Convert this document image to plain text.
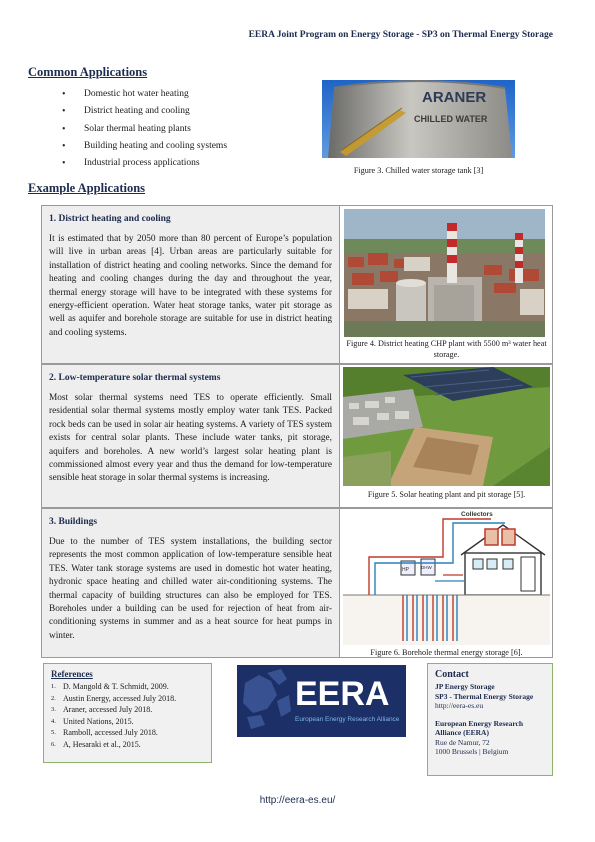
EERA Joint Program on Energy Storage - SP3 on Thermal Energy Storage
Common Applications
• Domestic hot water heating
• District heating and cooling
• Solar thermal heating plants
• Building heating and cooling systems
• Industrial process applications
ARANER
CHILLED WATER
Figure 3. Chilled water storage tank [3]
Example Applications
1. District heating and cooling
It is estimated that by 2050 more than 80 percent of Europe’s population will live in urban areas [4]. Urban areas are particularly suitable for installation of district heating and cooling networks. Since the demand for heating and cooling changes during the day and throughout the year, thermal energy storage will have to be integrated with these systems for energy-efficient operation. Water heat storage tanks, water pit storage as well as aquifer and borehole storage are suitable for use in district heating and cooling systems.
Figure 4. District heating CHP plant with 5500 m³ water heat storage.
2. Low-temperature solar thermal systems
Most solar thermal systems need TES to operate efficiently. Small residential solar thermal systems mostly employ water tank TES. Packed rock beds can be used in solar air heating systems. A variety of TES system exists for central solar plants. These include water tanks, pit storage, aquifers and boreholes. A new world’s largest solar heating plant is commissioned almost every year and thus the demand for low-temperature sensible heat storage in solar thermal systems is increasing.
Figure 5. Solar heating plant and pit storage [5].
3. Buildings
Due to the number of TES system installations, the building sector represents the most common application of low-temperature sensible heat TES. Water tank storage systems are used in domestic hot water heating, hydronic space heating and chilled water air-conditioning systems. The thermal capacity of building structures can also be employed for TES. Boreholes under a building can be used for rejection of heat from air-conditioning systems in summer and as a heat source for heat pumps in winter.
Collectors
HP	DHW
Figure 6. Borehole thermal energy storage [6].
References
1. D. Mangold & T. Schmidt, 2009.
2. Austin Energy, accessed July 2018.
3. Araner, accessed July 2018.
4. United Nations, 2015.
5. Ramboll, accessed July 2018.
6. A, Hesaraki et al., 2015.
EERA
European Energy Research Alliance
Contact
JP Energy Storage
SP3 - Thermal Energy Storage
http://eera-es.eu
European Energy Research
Alliance (EERA)
Rue de Namur, 72
1000 Brussels | Belgium
http://eera-es.eu/
